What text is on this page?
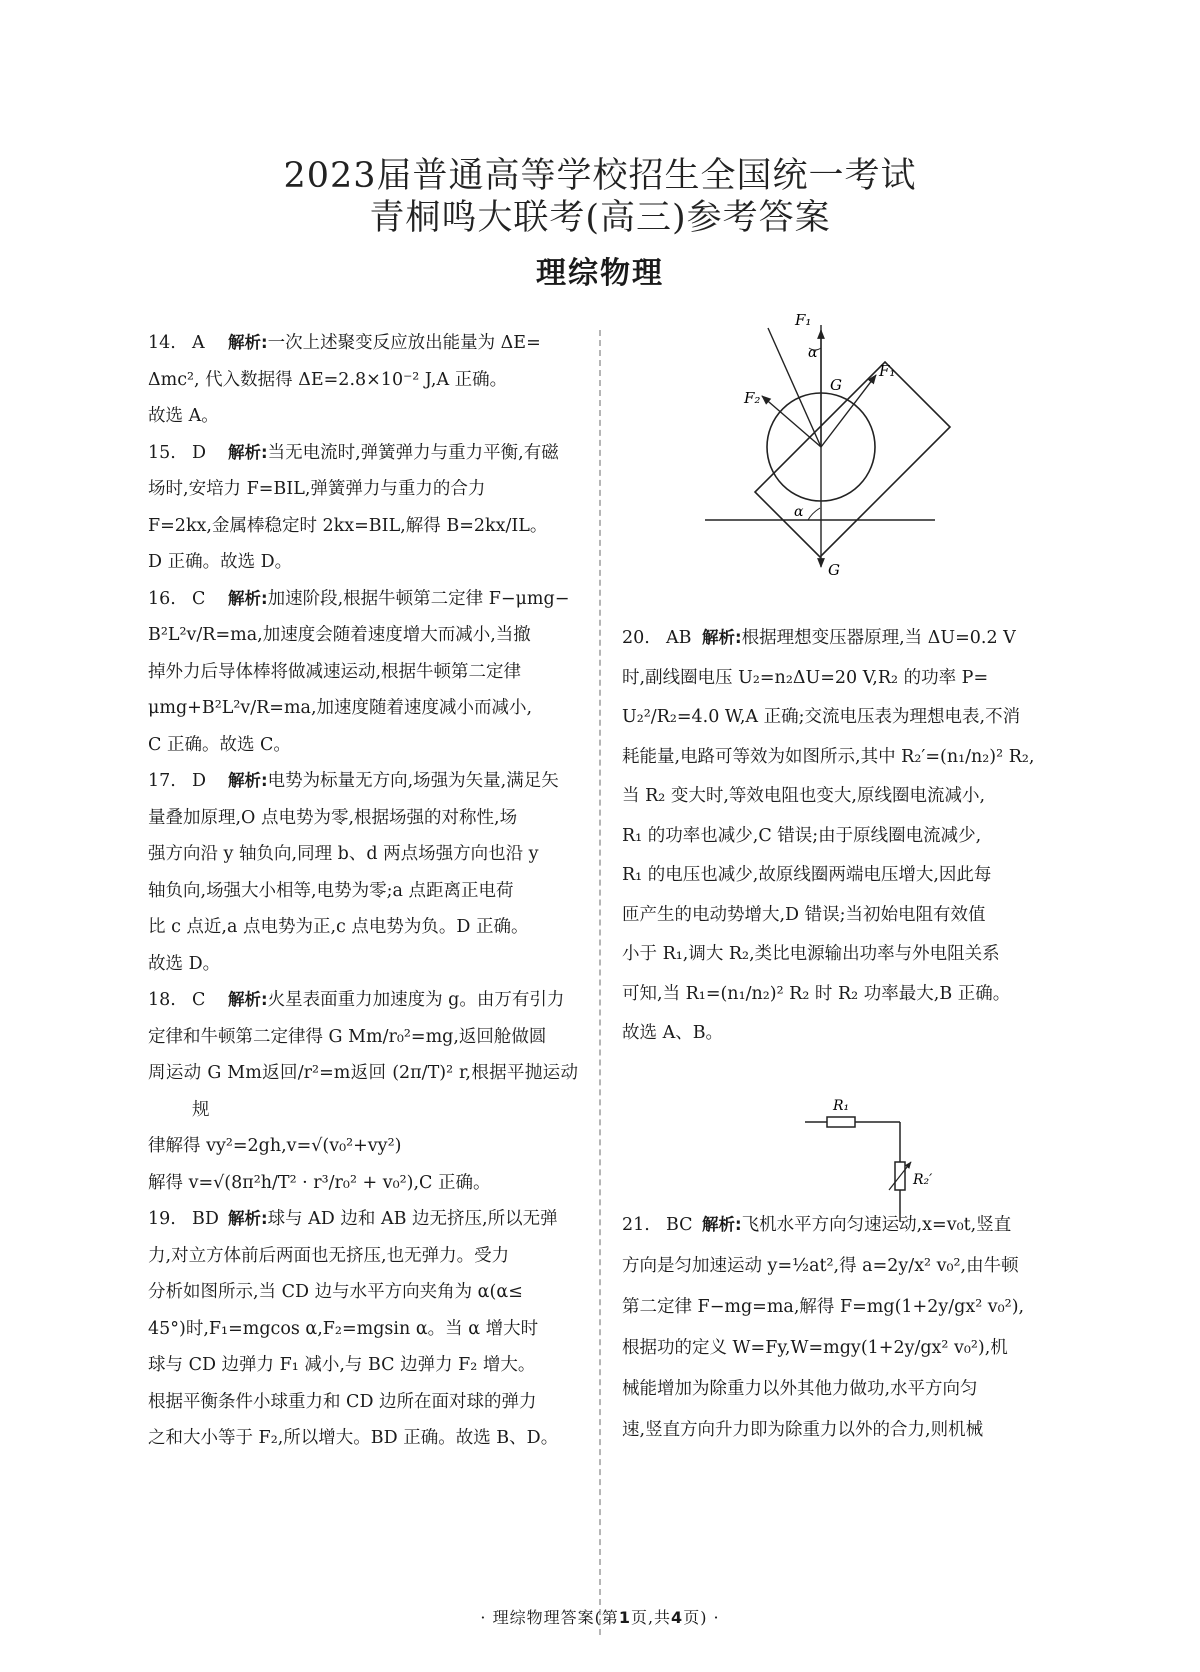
2023届普通高等学校招生全国统一考试
青桐鸣大联考(高三)参考答案
理综物理
14. A 解析:一次上述聚变反应放出能量为 ΔE=
Δmc², 代入数据得 ΔE=2.8×10⁻² J,A 正确。
故选 A。
15. D 解析:当无电流时,弹簧弹力与重力平衡,有磁
场时,安培力 F=BIL,弹簧弹力与重力的合力
F=2kx,金属棒稳定时 2kx=BIL,解得 B=2kx/IL。
D 正确。故选 D。
16. C 解析:加速阶段,根据牛顿第二定律 F−μmg−
B²L²v/R=ma,加速度会随着速度增大而减小,当撤
掉外力后导体棒将做减速运动,根据牛顿第二定律
μmg+B²L²v/R=ma,加速度随着速度减小而减小,
C 正确。故选 C。
17. D 解析:电势为标量无方向,场强为矢量,满足矢
量叠加原理,O 点电势为零,根据场强的对称性,场
强方向沿 y 轴负向,同理 b、d 两点场强方向也沿 y
轴负向,场强大小相等,电势为零;a 点距离正电荷
比 c 点近,a 点电势为正,c 点电势为负。D 正确。
故选 D。
18. C 解析:火星表面重力加速度为 g。由万有引力
定律和牛顿第二定律得 G Mm/r₀²=mg,返回舱做圆
周运动 G Mm返回/r²=m返回 (2π/T)² r,根据平抛运动规
律解得 vy²=2gh,v=√(v₀²+vy²)
解得 v=√(8π²h/T² · r³/r₀² + v₀²),C 正确。
19. BD 解析:球与 AD 边和 AB 边无挤压,所以无弹
力,对立方体前后两面也无挤压,也无弹力。受力
分析如图所示,当 CD 边与水平方向夹角为 α(α≤
45°)时,F₁=mgcos α,F₂=mgsin α。当 α 增大时
球与 CD 边弹力 F₁ 减小,与 BC 边弹力 F₂ 增大。
根据平衡条件小球重力和 CD 边所在面对球的弹力
之和大小等于 F₂,所以增大。BD 正确。故选 B、D。
F₁
α
G
F₁
F₂
α
G
20. AB 解析:根据理想变压器原理,当 ΔU=0.2 V
时,副线圈电压 U₂=n₂ΔU=20 V,R₂ 的功率 P=
U₂²/R₂=4.0 W,A 正确;交流电压表为理想电表,不消
耗能量,电路可等效为如图所示,其中 R₂′=(n₁/n₂)² R₂,
当 R₂ 变大时,等效电阻也变大,原线圈电流减小,
R₁ 的功率也减少,C 错误;由于原线圈电流减少,
R₁ 的电压也减少,故原线圈两端电压增大,因此每
匝产生的电动势增大,D 错误;当初始电阻有效值
小于 R₁,调大 R₂,类比电源输出功率与外电阻关系
可知,当 R₁=(n₁/n₂)² R₂ 时 R₂ 功率最大,B 正确。
故选 A、B。
21. BC 解析:飞机水平方向匀速运动,x=v₀t,竖直
方向是匀加速运动 y=½at²,得 a=2y/x² v₀²,由牛顿
第二定律 F−mg=ma,解得 F=mg(1+2y/gx² v₀²),
根据功的定义 W=Fy,W=mgy(1+2y/gx² v₀²),机
械能增加为除重力以外其他力做功,水平方向匀
速,竖直方向升力即为除重力以外的合力,则机械
R₁
R₂′
· 理综物理答案(第1页,共4页) ·
